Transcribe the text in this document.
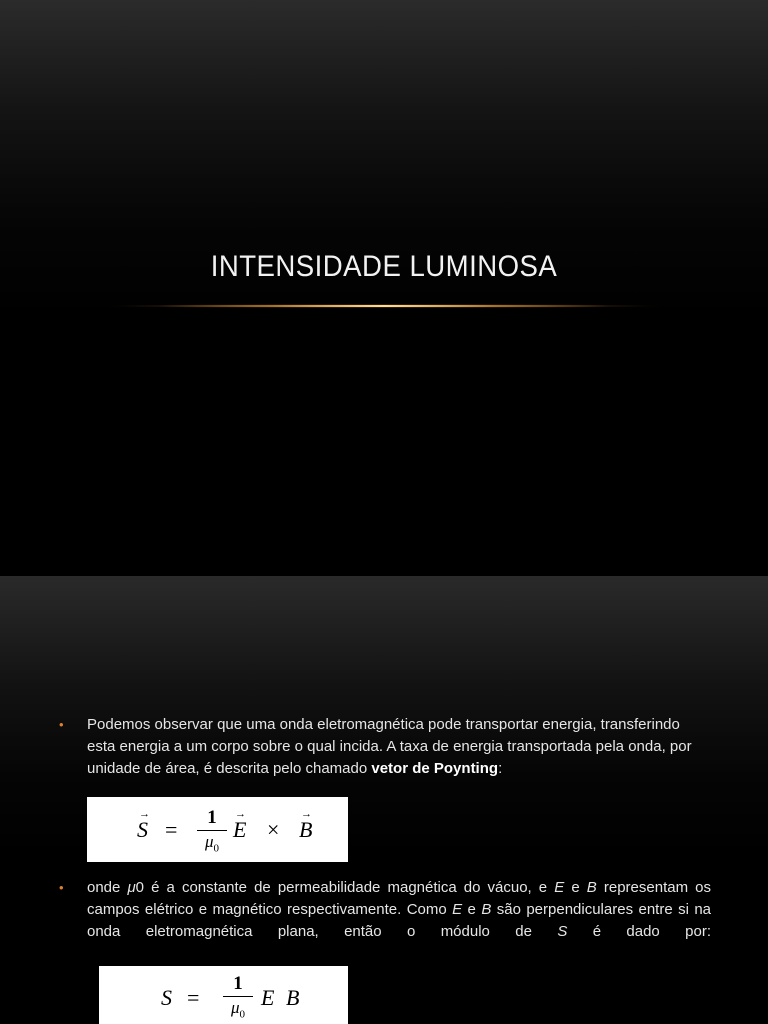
INTENSIDADE LUMINOSA
• Podemos observar que uma onda eletromagnética pode transportar energia, transferindo esta energia a um corpo sobre o qual incida. A taxa de energia transportada pela onda, por unidade de área, é descrita pelo chamado vetor de Poynting:
→
S =	1
$\mu_0$
→
E ×
→
B
• onde μ0 é a constante de permeabilidade magnética do vácuo, e E e B representam os campos elétrico e magnético respectivamente. Como E e B são perpendiculares entre si na onda eletromagnética plana, então o módulo de S é dado por:
S =
1
$\mu_0$
E B
